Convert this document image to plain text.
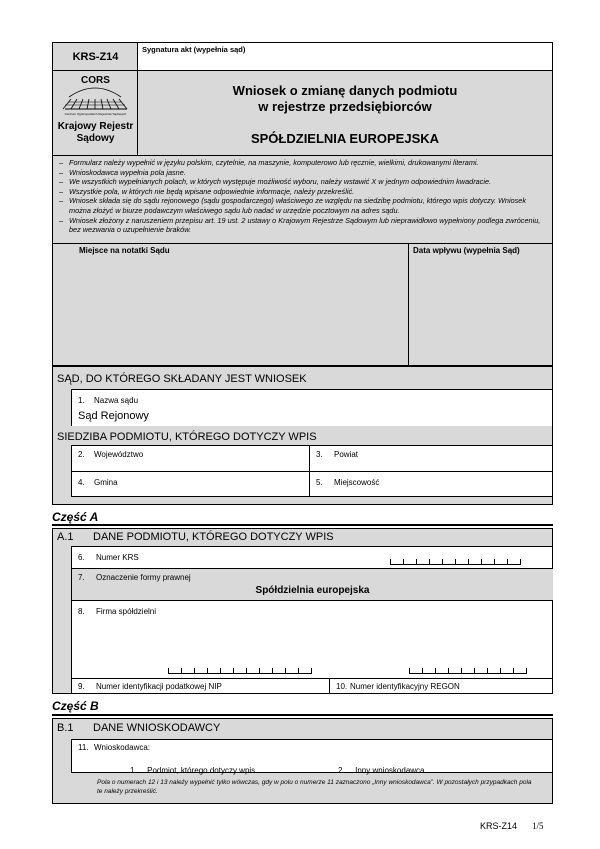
KRS-Z14
Sygnatura akt (wypełnia sąd)
CORS
Centrum Ogólnopolskich Rejestrów Sądowych
Krajowy Rejestr Sądowy
Wniosek o zmianę danych podmiotu
w rejestrze przedsiębiorców
SPÓŁDZIELNIA EUROPEJSKA
– Formularz należy wypełnić w języku polskim, czytelnie, na maszynie, komputerowo lub ręcznie, wielkimi, drukowanymi literami.
– Wnioskodawca wypełnia pola jasne.
– We wszystkich wypełnianych polach, w których występuje możliwość wyboru, należy wstawić X w jednym odpowiednim kwadracie.
– Wszystkie pola, w których nie będą wpisane odpowiednie informacje, należy przekreślić.
– Wniosek składa się do sądu rejonowego (sądu gospodarczego) właściwego ze względu na siedzibę podmiotu, którego wpis dotyczy. Wniosek można złożyć w biurze podawczym właściwego sądu lub nadać w urzędzie pocztowym na adres sądu.
– Wniosek złożony z naruszeniem przepisu art. 19 ust. 2 ustawy o Krajowym Rejestrze Sądowym lub nieprawidłowo wypełniony podlega zwróceniu, bez wezwania o uzupełnienie braków.
Miejsce na notatki Sądu	Data wpływu (wypełnia Sąd)
SĄD, DO KTÓREGO SKŁADANY JEST WNIOSEK
1. Nazwa sądu
Sąd Rejonowy
SIEDZIBA PODMIOTU, KTÓREGO DOTYCZY WPIS
2. Województwo	3. Powiat
4. Gmina	5. Miejscowość
Część A
A.1 DANE PODMIOTU, KTÓREGO DOTYCZY WPIS
6. Numer KRS
7. Oznaczenie formy prawnej
Spółdzielnia europejska
8. Firma spółdzielni
9. Numer identyfikacji podatkowej NIP	10. Numer identyfikacyjny REGON
Część B
B.1 DANE WNIOSKODAWCY
11. Wnioskodawca:
1. Podmiot, którego dotyczy wpis	2. Inny wnioskodawca
Pola o numerach 12 i 13 należy wypełnić tylko wówczas, gdy w polu o numerze 11 zaznaczono „Inny wnioskodawca”. W pozostałych przypadkach pola te należy przekreślić.
KRS-Z14 1/5
